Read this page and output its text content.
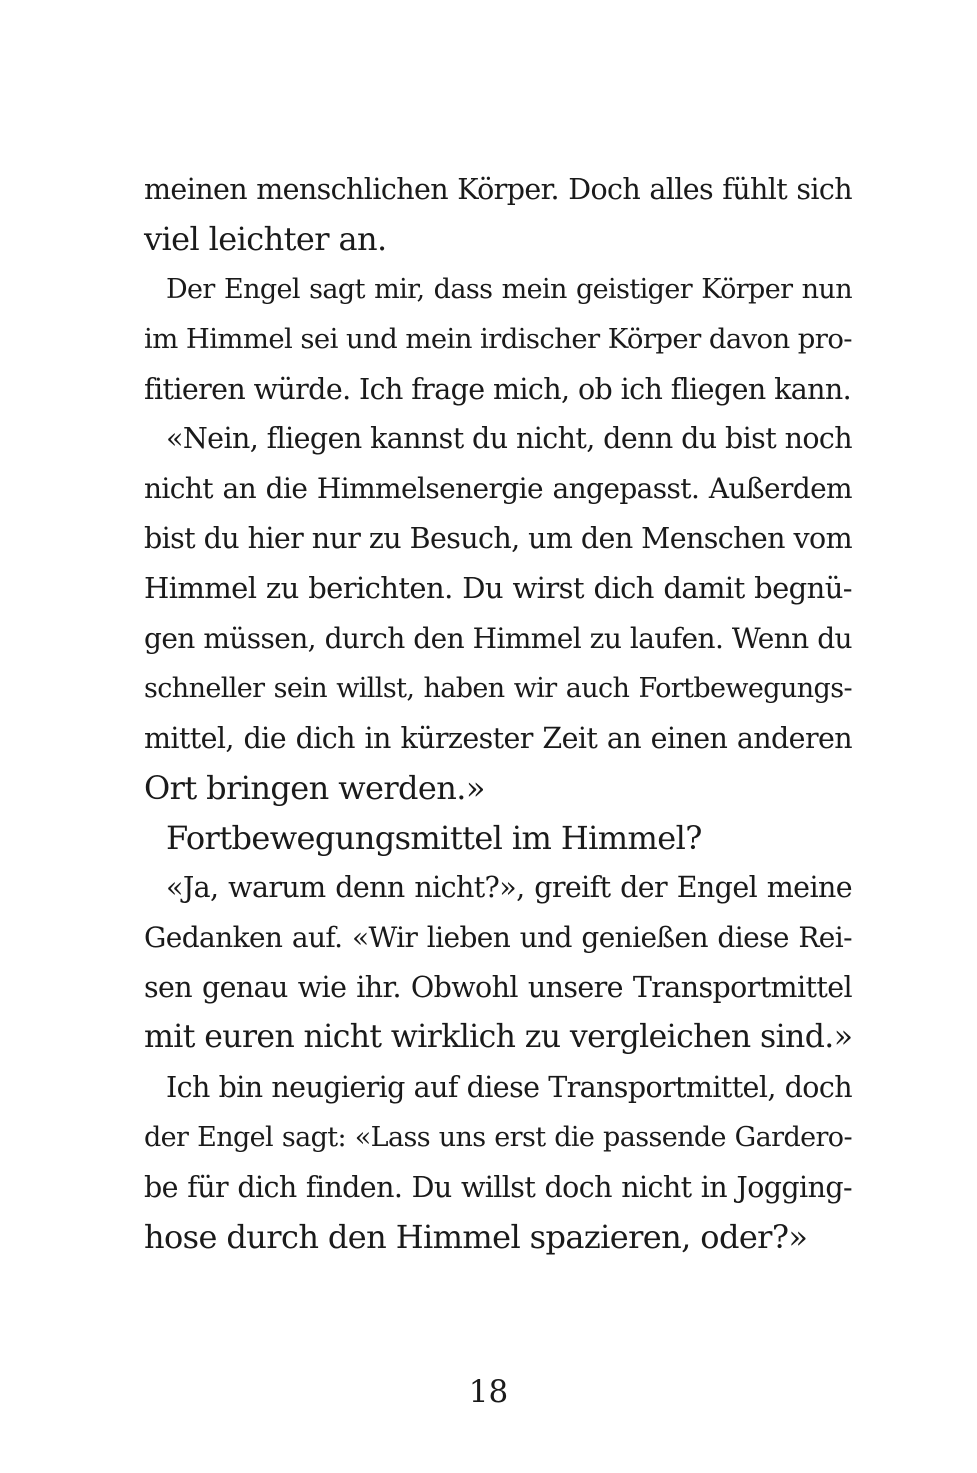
meinen menschlichen Körper. Doch alles fühlt sich
viel leichter an.
Der Engel sagt mir, dass mein geistiger Körper nun
im Himmel sei und mein irdischer Körper davon pro-
fitieren würde. Ich frage mich, ob ich fliegen kann.
«Nein, fliegen kannst du nicht, denn du bist noch
nicht an die Himmelsenergie angepasst. Außerdem
bist du hier nur zu Besuch, um den Menschen vom
Himmel zu berichten. Du wirst dich damit begnü-
gen müssen, durch den Himmel zu laufen. Wenn du
schneller sein willst, haben wir auch Fortbewegungs-
mittel, die dich in kürzester Zeit an einen anderen
Ort bringen werden.»
Fortbewegungsmittel im Himmel?
«Ja, warum denn nicht?», greift der Engel meine
Gedanken auf. «Wir lieben und genießen diese Rei-
sen genau wie ihr. Obwohl unsere Transportmittel
mit euren nicht wirklich zu vergleichen sind.»
Ich bin neugierig auf diese Transportmittel, doch
der Engel sagt: «Lass uns erst die passende Gardero-
be für dich finden. Du willst doch nicht in Jogging-
hose durch den Himmel spazieren, oder?»
18
